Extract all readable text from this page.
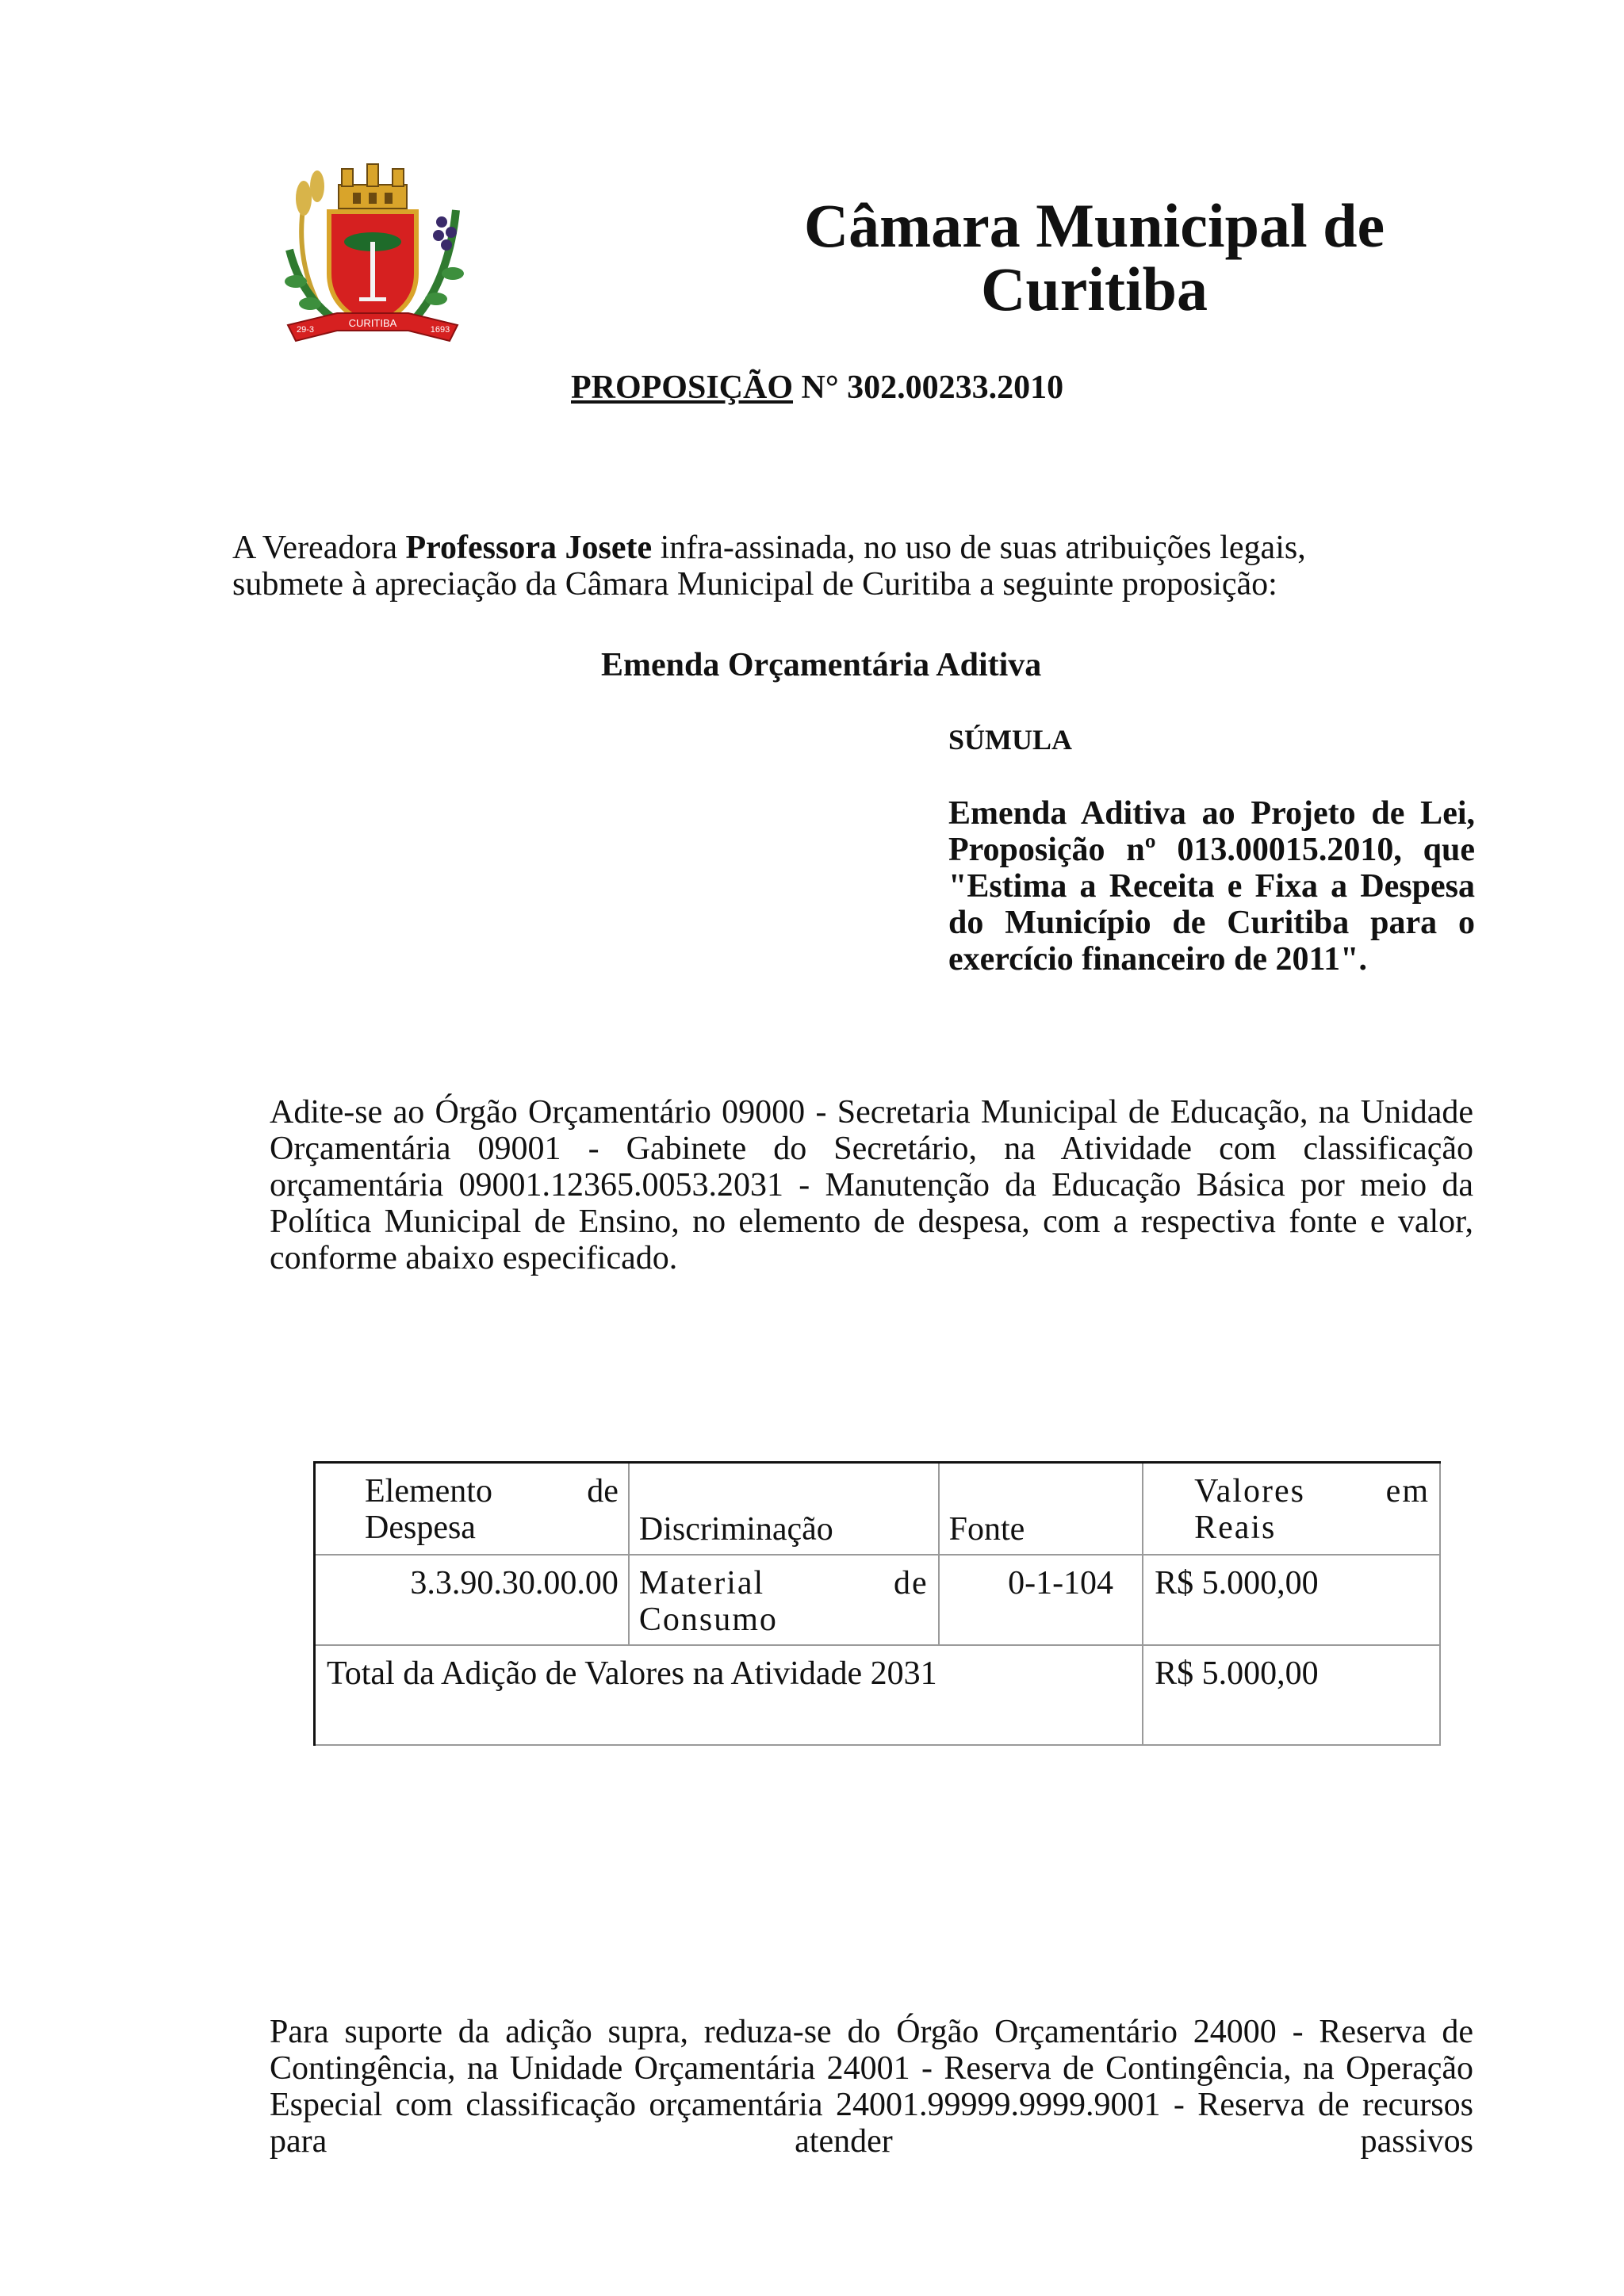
CURITIBA
29-3	1693
Câmara Municipal de
Curitiba
PROPOSIÇÃO N° 302.00233.2010

A Vereadora Professora Josete infra-assinada, no uso de suas atribuições legais,

submete à apreciação da Câmara Municipal de Curitiba a seguinte proposição:

Emenda Orçamentária Aditiva
SÚMULA
Emenda Aditiva ao Projeto de Lei, Proposição nº 013.00015.2010, que "Estima a Receita e Fixa a Despesa do Município de Curitiba para o exercício financeiro de 2011".
Adite-se ao Órgão Orçamentário 09000 - Secretaria Municipal de Educação, na Unidade Orçamentária 09001 - Gabinete do Secretário, na Atividade com classificação orçamentária 09001.12365.0053.2031 - Manutenção da Educação Básica por meio da Política Municipal de Ensino, no elemento de despesa, com a respectiva fonte e valor, conforme abaixo especificado.
Elemento de Despesa	Discriminação	Fonte	Valores em Reais
3.3.90.30.00.00	Material de Consumo	0-1-104	R$ 5.000,00
Total da Adição de Valores na Atividade 2031			R$ 5.000,00
Para suporte da adição supra, reduza-se do Órgão Orçamentário 24000 - Reserva de Contingência, na Unidade Orçamentária 24001 - Reserva de Contingência, na Operação Especial com classificação orçamentária 24001.99999.9999.9001 - Reserva de recursos para atender passivos
